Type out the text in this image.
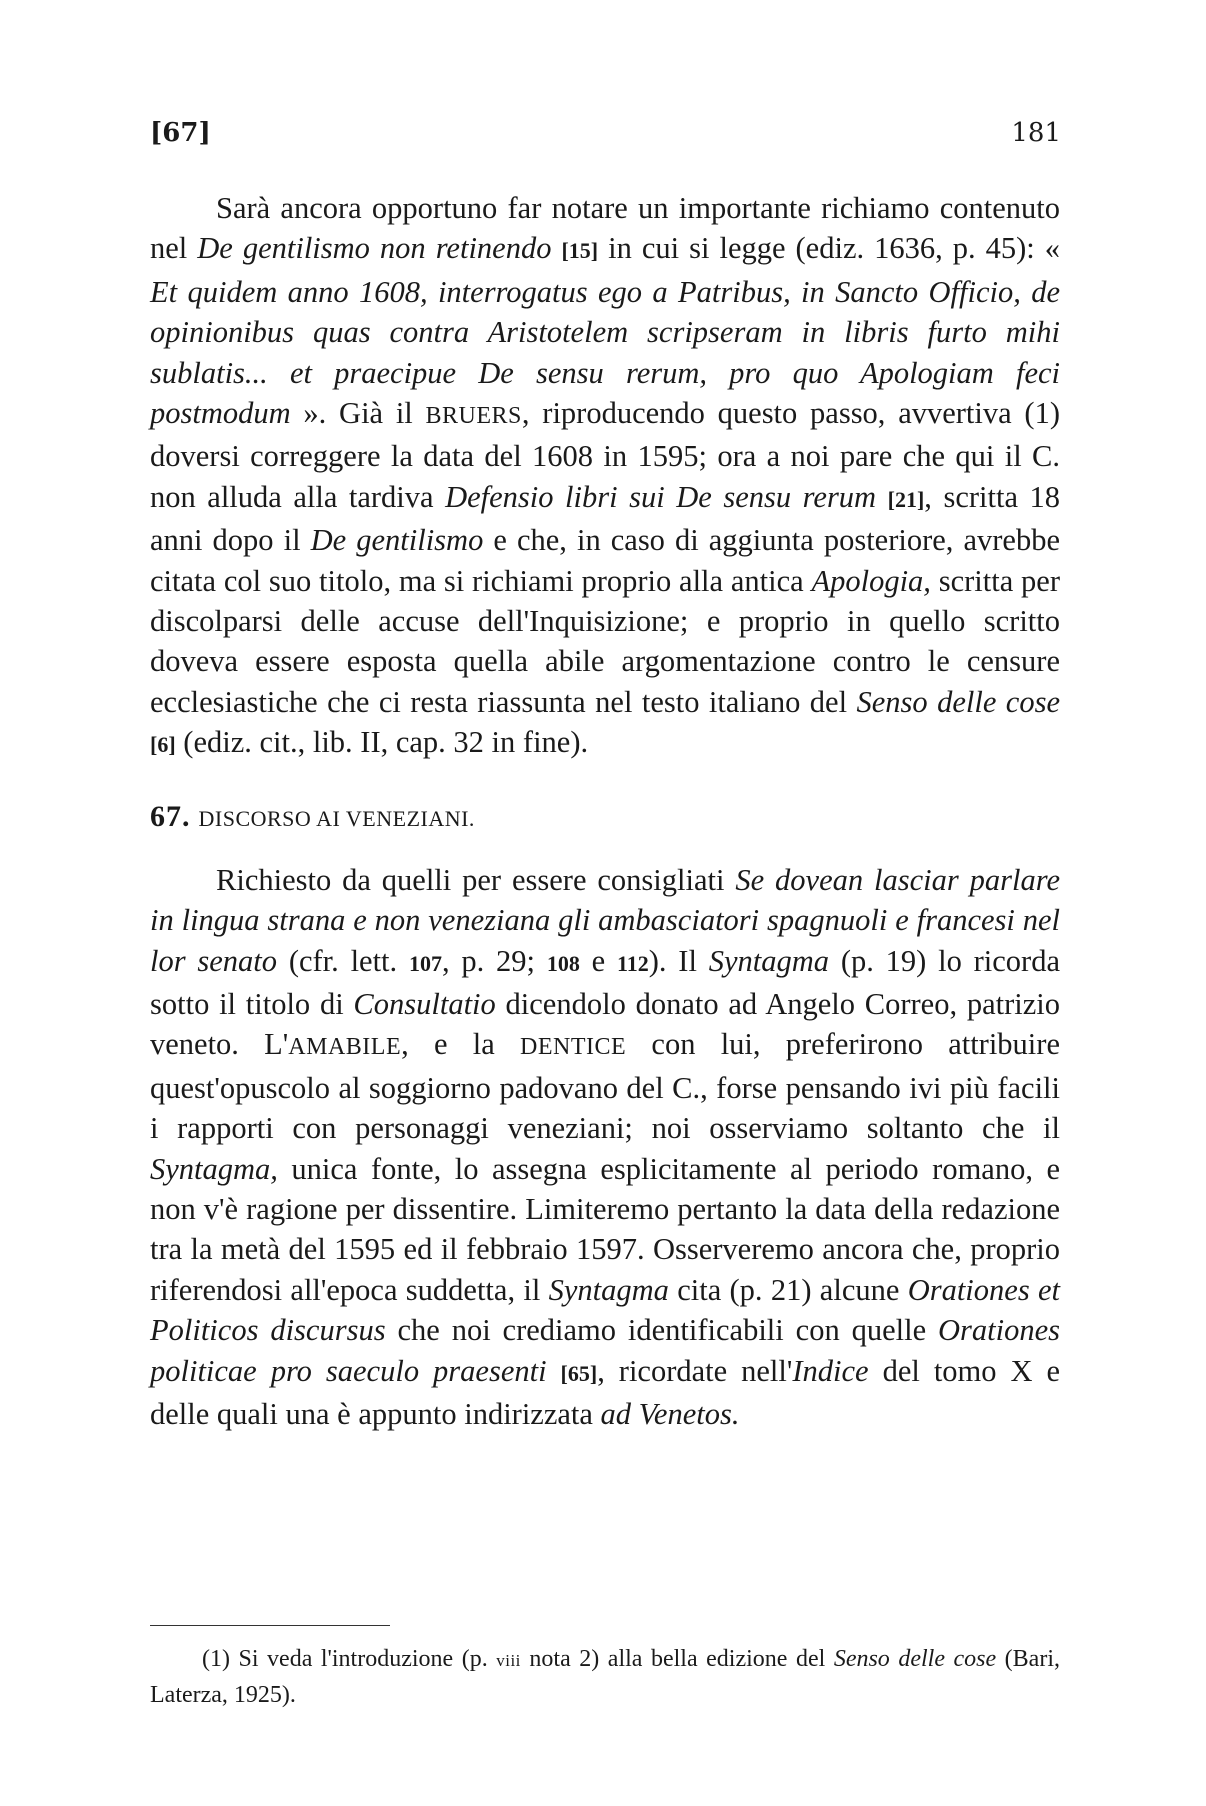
[67]	181

Sarà ancora opportuno far notare un importante richiamo contenuto nel De gentilismo non retinendo [15] in cui si legge (ediz. 1636, p. 45): « Et quidem anno 1608, interrogatus ego a Patribus, in Sancto Officio, de opinionibus quas contra Aristotelem scripseram in libris furto mihi sublatis... et praecipue De sensu rerum, pro quo Apologiam feci postmodum ». Già il BRUERS, riproducendo questo passo, avvertiva (1) doversi correggere la data del 1608 in 1595; ora a noi pare che qui il C. non alluda alla tardiva Defensio libri sui De sensu rerum [21], scritta 18 anni dopo il De gentilismo e che, in caso di aggiunta posteriore, avrebbe citata col suo titolo, ma si richiami proprio alla antica Apologia, scritta per discolparsi delle accuse dell'Inquisizione; e proprio in quello scritto doveva essere esposta quella abile argomentazione contro le censure ecclesiastiche che ci resta riassunta nel testo italiano del Senso delle cose [6] (ediz. cit., lib. II, cap. 32 in fine).

67. DISCORSO AI VENEZIANI.

Richiesto da quelli per essere consigliati Se dovean lasciar parlare in lingua strana e non veneziana gli ambasciatori spagnuoli e francesi nel lor senato (cfr. lett. 107, p. 29; 108 e 112). Il Syntagma (p. 19) lo ricorda sotto il titolo di Consultatio dicendolo donato ad Angelo Correo, patrizio veneto. L'AMABILE, e la DENTICE con lui, preferirono attribuire quest'opuscolo al soggiorno padovano del C., forse pensando ivi più facili i rapporti con personaggi veneziani; noi osserviamo soltanto che il Syntagma, unica fonte, lo assegna esplicitamente al periodo romano, e non v'è ragione per dissentire. Limiteremo pertanto la data della redazione tra la metà del 1595 ed il febbraio 1597. Osserveremo ancora che, proprio riferendosi all'epoca suddetta, il Syntagma cita (p. 21) alcune Orationes et Politicos discursus che noi crediamo identificabili con quelle Orationes politicae pro saeculo praesenti [65], ricordate nell'Indice del tomo X e delle quali una è appunto indirizzata ad Venetos.

(1) Si veda l'introduzione (p. viii nota 2) alla bella edizione del Senso delle cose (Bari, Laterza, 1925).
